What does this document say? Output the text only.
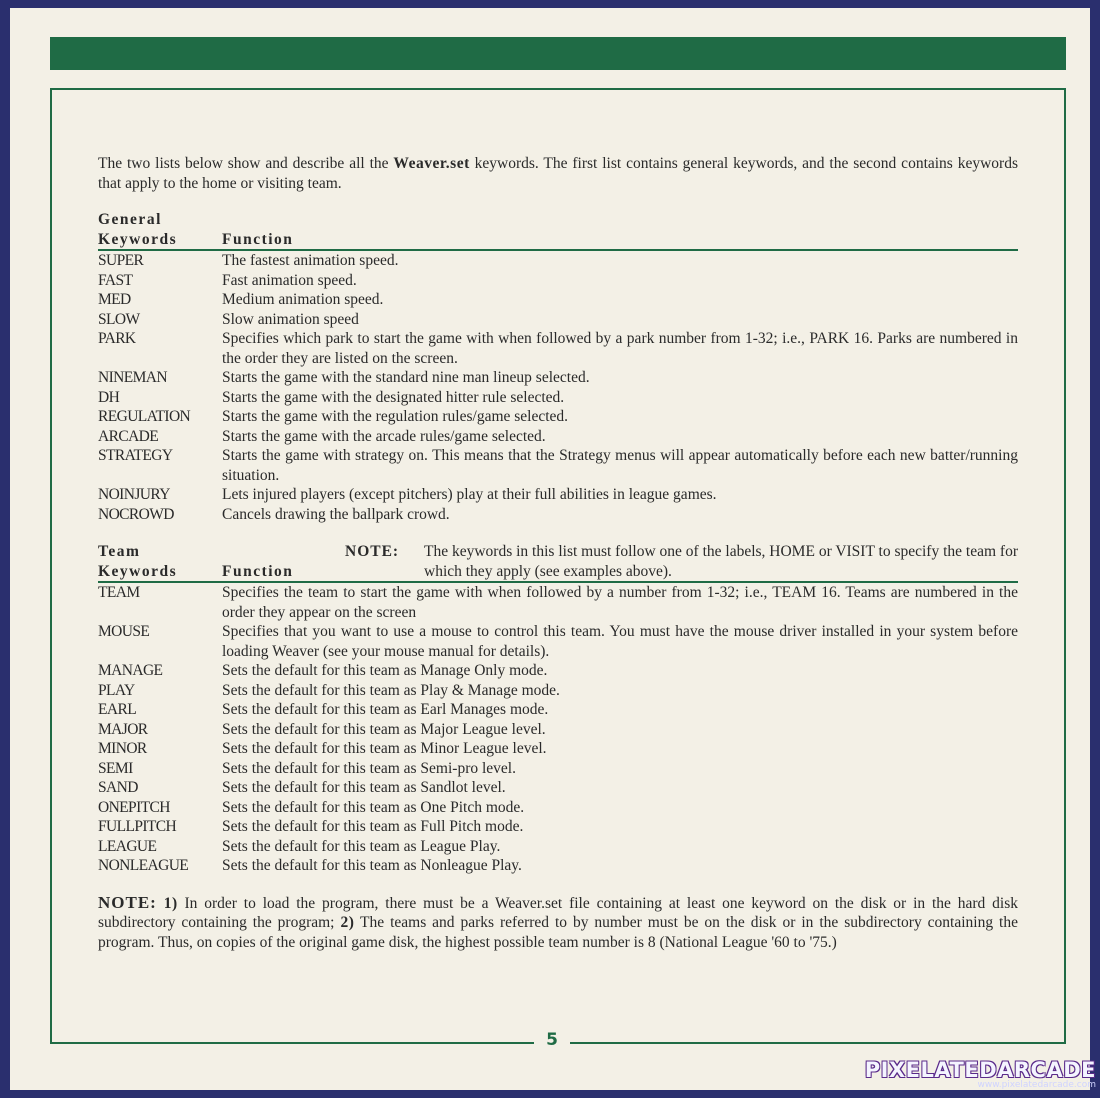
5

The two lists below show and describe all the Weaver.set keywords. The first list contains general keywords, and the second contains keywords that apply to the home or visiting team.

General
Keywords	Function
SUPER	The fastest animation speed.
FAST	Fast animation speed.
MED	Medium animation speed.
SLOW	Slow animation speed
PARK	Specifies which park to start the game with when followed by a park number from 1-32; i.e., PARK 16. Parks are numbered in the order they are listed on the screen.
NINEMAN	Starts the game with the standard nine man lineup selected.
DH	Starts the game with the designated hitter rule selected.
REGULATION	Starts the game with the regulation rules/game selected.
ARCADE	Starts the game with the arcade rules/game selected.
STRATEGY	Starts the game with strategy on. This means that the Strategy menus will appear automatically before each new batter/running situation.
NOINJURY	Lets injured players (except pitchers) play at their full abilities in league games.
NOCROWD	Cancels drawing the ballpark crowd.
Team
Keywords	Function
NOTE: The keywords in this list must follow one of the labels, HOME or VISIT to specify the team for which they apply (see examples above).
TEAM	Specifies the team to start the game with when followed by a number from 1-32; i.e., TEAM 16. Teams are numbered in the order they appear on the screen
MOUSE	Specifies that you want to use a mouse to control this team. You must have the mouse driver installed in your system before loading Weaver (see your mouse manual for details).
MANAGE	Sets the default for this team as Manage Only mode.
PLAY	Sets the default for this team as Play & Manage mode.
EARL	Sets the default for this team as Earl Manages mode.
MAJOR	Sets the default for this team as Major League level.
MINOR	Sets the default for this team as Minor League level.
SEMI	Sets the default for this team as Semi-pro level.
SAND	Sets the default for this team as Sandlot level.
ONEPITCH	Sets the default for this team as One Pitch mode.
FULLPITCH	Sets the default for this team as Full Pitch mode.
LEAGUE	Sets the default for this team as League Play.
NONLEAGUE	Sets the default for this team as Nonleague Play.

NOTE: 1) In order to load the program, there must be a Weaver.set file containing at least one keyword on the disk or in the hard disk subdirectory containing the program; 2) The teams and parks referred to by number must be on the disk or in the subdirectory containing the program. Thus, on copies of the original game disk, the highest possible team number is 8 (National League '60 to '75.)

PIXELATEDARCADE
www.pixelatedarcade.com
